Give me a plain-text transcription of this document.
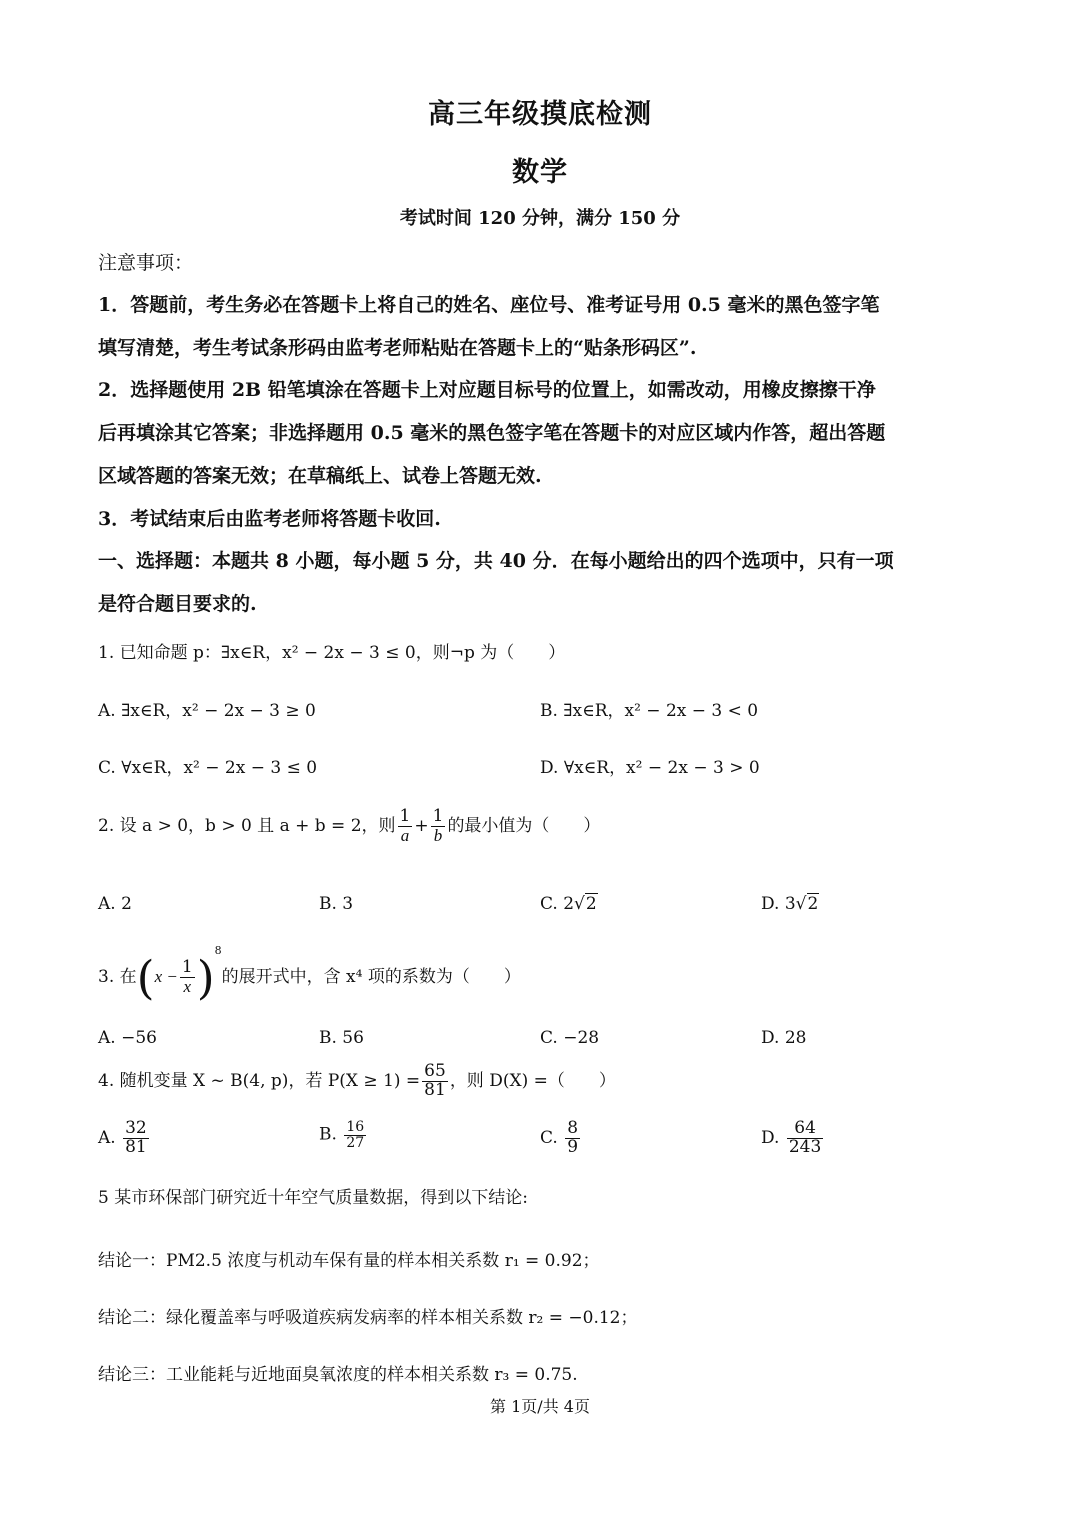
高三年级摸底检测
数学
考试时间 120 分钟，满分 150 分
注意事项：
1．答题前，考生务必在答题卡上将自己的姓名、座位号、准考证号用 0.5 毫米的黑色签字笔
填写清楚，考生考试条形码由监考老师粘贴在答题卡上的“贴条形码区”.
2．选择题使用 2B 铅笔填涂在答题卡上对应题目标号的位置上，如需改动，用橡皮擦擦干净
后再填涂其它答案；非选择题用 0.5 毫米的黑色签字笔在答题卡的对应区域内作答，超出答题
区域答题的答案无效；在草稿纸上、试卷上答题无效.
3．考试结束后由监考老师将答题卡收回.
一、选择题：本题共 8 小题，每小题 5 分，共 40 分．在每小题给出的四个选项中，只有一项
是符合题目要求的.
1. 已知命题 p：∃x∈R，x² − 2x − 3 ≤ 0，则¬p 为（　　）
A. ∃x∈R，x² − 2x − 3 ≥ 0	B. ∃x∈R，x² − 2x − 3 < 0
C. ∀x∈R，x² − 2x − 3 ≤ 0	D. ∀x∈R，x² − 2x − 3 > 0
2. 设 a > 0，b > 0 且 a + b = 2，则 $\frac{1}{a} + \frac{1}{b}$ 的最小值为（　　）
A. 2	B. 3	C. 2√2	D. 3√2
3. 在$(x - \frac{1}{x} )^8$的展开式中，含 x⁴ 项的系数为（　　）
A. −56	B. 56	C. −28	D. 28
4. 随机变量 X ~ B(4, p)，若 $P(X \ge 1) = \frac{65}{81}$ ，则 D(X) =（　　）
A. $\frac{32}{81}$	B. $\frac{16}{27}$	C. $\frac{8}{9}$	D. $\frac{64}{243}$
5 某市环保部门研究近十年空气质量数据，得到以下结论:
结论一：PM2.5 浓度与机动车保有量的样本相关系数 r₁ = 0.92；
结论二：绿化覆盖率与呼吸道疾病发病率的样本相关系数 r₂ = −0.12；
结论三：工业能耗与近地面臭氧浓度的样本相关系数 r₃ = 0.75.
第 1页/共 4页
